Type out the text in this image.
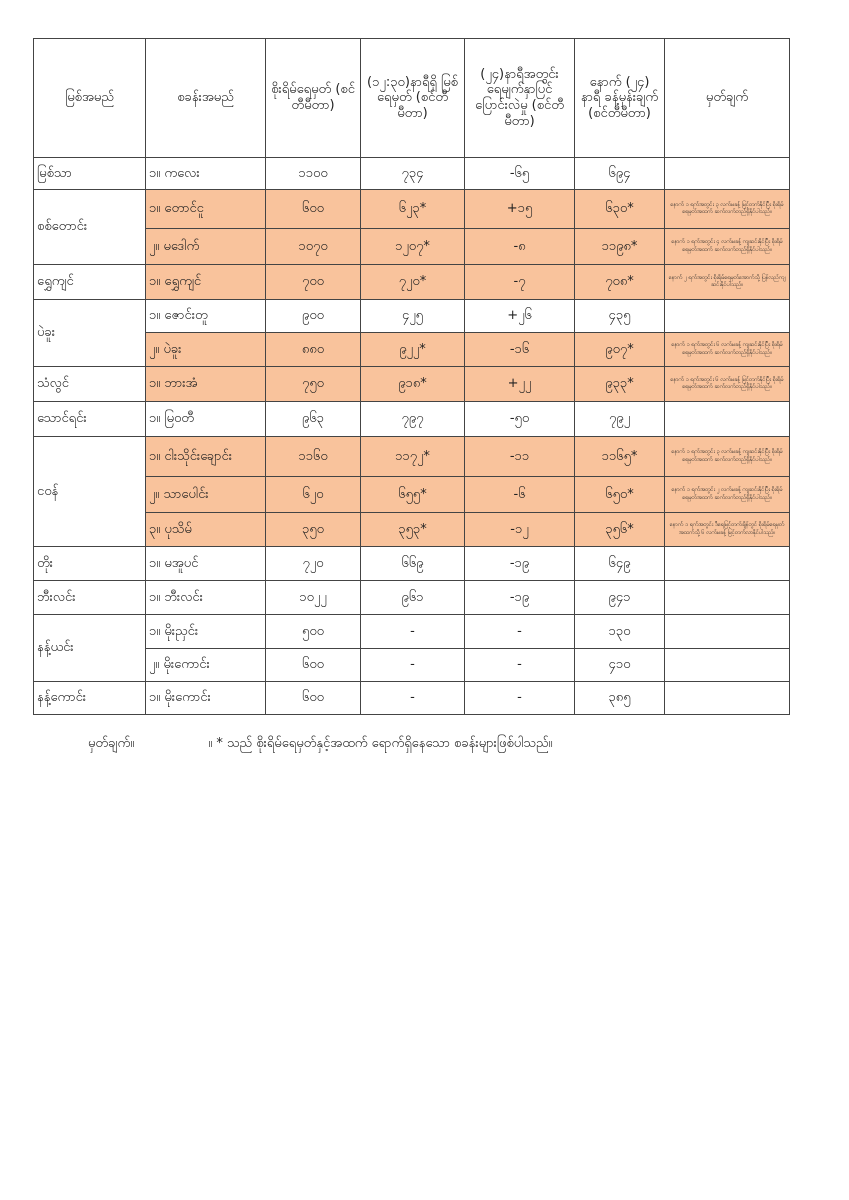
မြစ်အမည်	စခန်းအမည်	စိုးရိမ်ရေမှတ် (စင်တီမီတာ)	(၁၂:၃၀)နာရီရှိ မြစ်ရေမှတ် (စင်တီမီတာ)	(၂၄)နာရီအတွင်း ရေမျက်နှာပြင် ပြောင်းလဲမှု (စင်တီမီတာ)	နောက် (၂၄) နာရီ ခန့်မှန်းချက် (စင်တီမီတာ)	မှတ်ချက်
မြစ်သာ	၁။ ကလေး	၁၁၀၀	၇၃၄	-၆၅	၆၉၄	
စစ်တောင်း	၁။ တောင်ငူ	၆၀၀	၆၂၃*	+၁၅	၆၃၀*	နောက် ၁ ရက်အတွင်း ၃ လက်မခန့် မြင့်တက်နိုင်ပြီး စိုးရိမ်ရေမှတ်အထက် ဆက်လက်တည်ရှိနိုင်ပါသည်။
	၂။ မဒေါက်	၁၀၇၀	၁၂၀၇*	-၈	၁၁၉၈*	နောက် ၁ ရက်အတွင်း ၄ လက်မခန့် ကျဆင်းနိုင်ပြီး စိုးရိမ်ရေမှတ်အထက် ဆက်လက်တည်ရှိနိုင်ပါသည်။
ရွှေကျင်	၁။ ရွှေကျင်	၇၀၀	၇၂၀*	-၇	၇၀၈*	နောက် ၂ ရက်အတွင်း စိုးရိမ်ရေမှတ်အောက်သို့ ပြန်လည်ကျဆင်းနိုင်ပါသည်။
ပဲခူး	၁။ ဇောင်းတူ	၉၀၀	၄၂၅	+၂၆	၄၃၅	
	၂။ ပဲခူး	၈၈၀	၉၂၂*	-၁၆	၉၀၇*	နောက် ၁ ရက်အတွင်း ၆ လက်မခန့် ကျဆင်းနိုင်ပြီး စိုးရိမ်ရေမှတ်အထက် ဆက်လက်တည်ရှိနိုင်ပါသည်။
သံလွင်	၁။ ဘားအံ	၇၅၀	၉၁၈*	+၂၂	၉၃၃*	နောက် ၁ ရက်အတွင်း ၆ လက်မခန့် မြင့်တက်နိုင်ပြီး စိုးရိမ်ရေမှတ်အထက် ဆက်လက်တည်ရှိနိုင်ပါသည်။
သောင်ရင်း	၁။ မြဝတီ	၉၆၃	၇၉၇	-၅၀	၇၉၂	
ငဝန်	၁။ ငါးသိုင်းချောင်း	၁၁၆၀	၁၁၇၂*	-၁၁	၁၁၆၅*	နောက် ၁ ရက်အတွင်း ၃ လက်မခန့် ကျဆင်းနိုင်ပြီး စိုးရိမ်ရေမှတ်အထက် ဆက်လက်တည်ရှိနိုင်ပါသည်။
	၂။ သာပေါင်း	၆၂၀	၆၅၅*	-၆	၆၅၀*	နောက် ၁ ရက်အတွင်း ၂ လက်မခန့် ကျဆင်းနိုင်ပြီး စိုးရိမ်ရေမှတ်အထက် ဆက်လက်တည်ရှိနိုင်ပါသည်။
	၃။ ပုသိမ်	၃၅၀	၃၅၃*	-၁၂	၃၅၆*	နောက် ၁ ရက်အတွင်း ဒီရေမြင့်တက်ချိန်တွင် စိုးရိမ်ရေမှတ် အထက်သို့ ၆ လက်မခန့် မြင့်တက်လာနိုင်ပါသည်။
တိုး	၁။ မအူပင်	၇၂၀	၆၆၉	-၁၉	၆၄၉	
ဘီးလင်း	၁။ ဘီးလင်း	၁၀၂၂	၉၆၁	-၁၉	၉၄၁	
နန့်ယင်း	၁။ မိုးညှင်း	၅၀၀	-	-	၁၃၀	
	၂။ မိုးကောင်း	၆၀၀	-	-	၄၁၀	
နန့်ကောင်း	၁။ မိုးကောင်း	၆၀၀	-	-	၃၈၅	
မှတ်ချက်။	။ * သည် စိုးရိမ်ရေမှတ်နှင့်အထက် ရောက်ရှိနေသော စခန်းများဖြစ်ပါသည်။
